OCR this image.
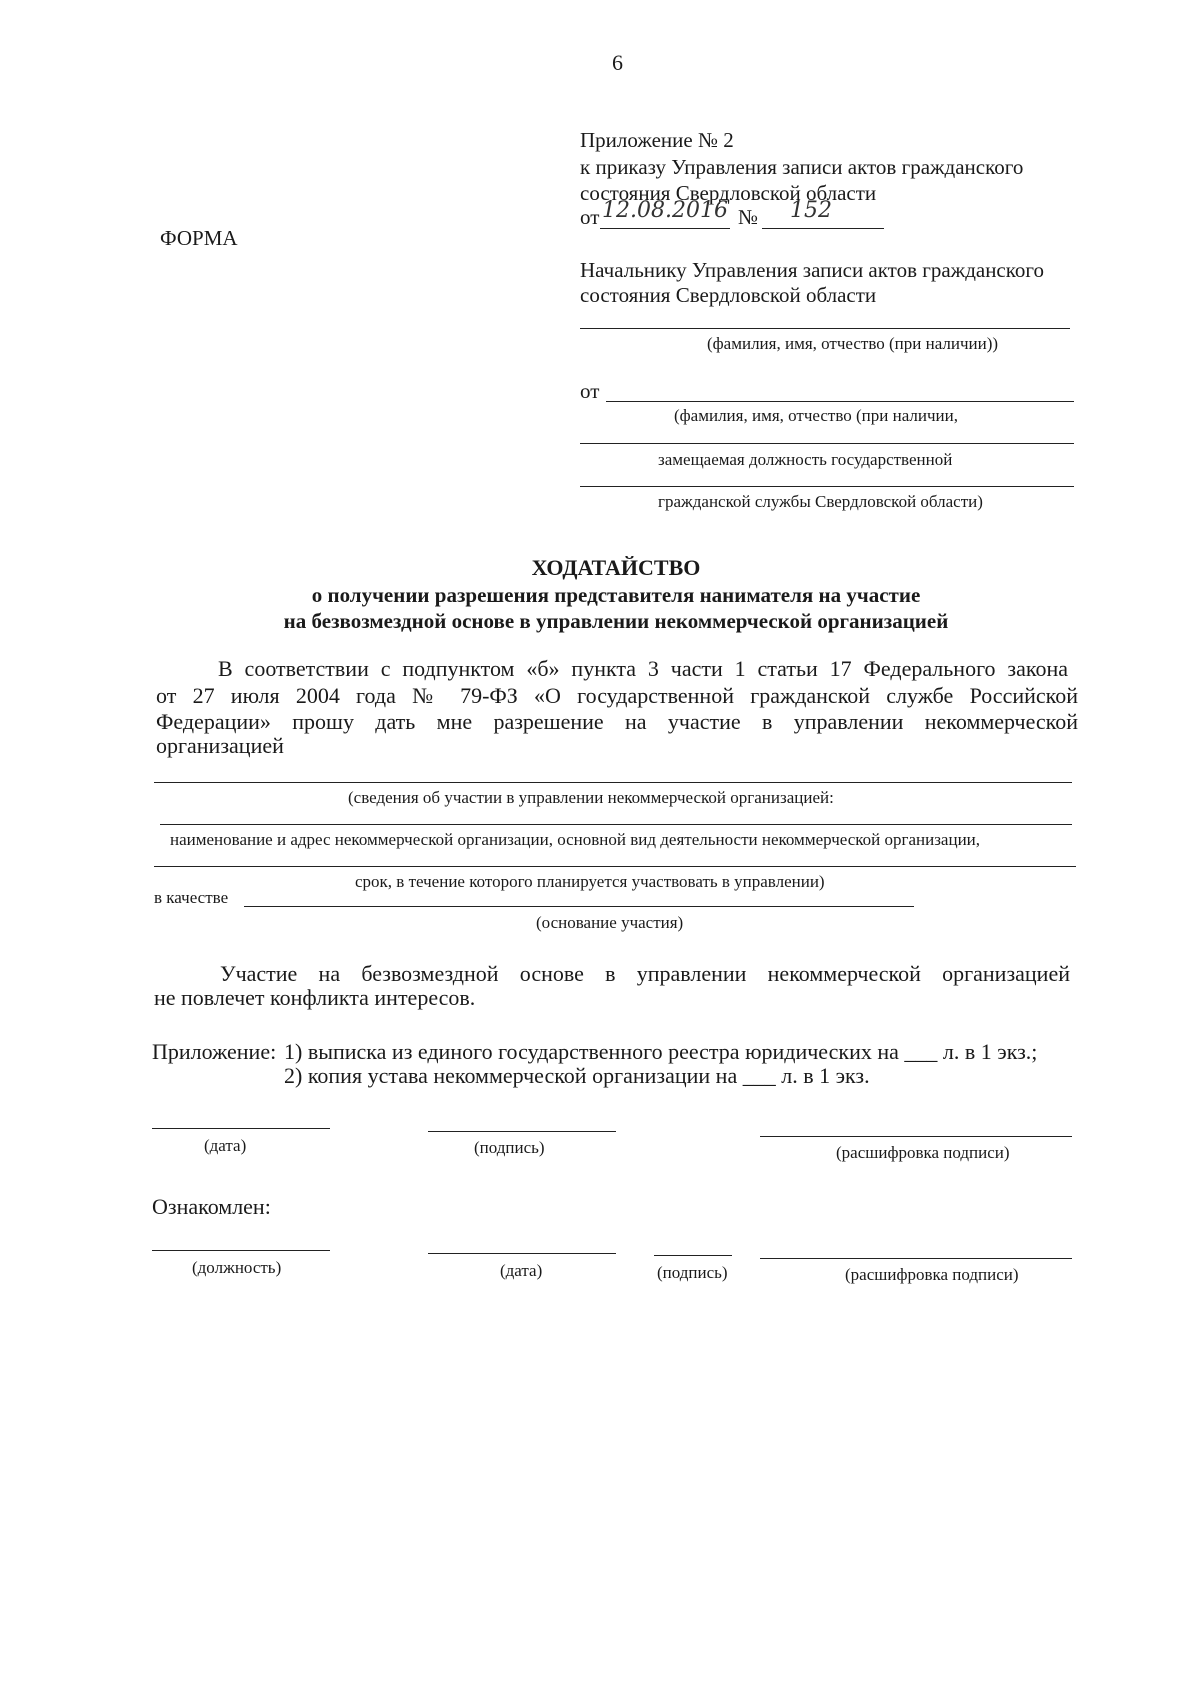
6
Приложение № 2
к приказу Управления записи актов гражданского
состояния Свердловской области
от 12.08.2016 № 152
ФОРМА
Начальнику Управления записи актов гражданского
состояния Свердловской области
(фамилия, имя, отчество (при наличии))
от
(фамилия, имя, отчество (при наличии,
замещаемая должность государственной
гражданской службы Свердловской области)
ХОДАТАЙСТВО
о получении разрешения представителя нанимателя на участие
на безвозмездной основе в управлении некоммерческой организацией
В соответствии с подпунктом «б» пункта 3 части 1 статьи 17 Федерального закона
от 27 июля 2004 года № 79-ФЗ «О государственной гражданской службе Российской
Федерации» прошу дать мне разрешение на участие в управлении некоммерческой
организацией
(сведения об участии в управлении некоммерческой организацией:
наименование и адрес некоммерческой организации, основной вид деятельности некоммерческой организации,
срок, в течение которого планируется участвовать в управлении)
в качестве
(основание участия)
Участие на безвозмездной основе в управлении некоммерческой организацией
не повлечет конфликта интересов.
Приложение: 1) выписка из единого государственного реестра юридических на ___ л. в 1 экз.;
2) копия устава некоммерческой организации на ___ л. в 1 экз.
(дата)	(подпись)	(расшифровка подписи)
Ознакомлен:
(должность)	(дата)	(подпись)	(расшифровка подписи)
